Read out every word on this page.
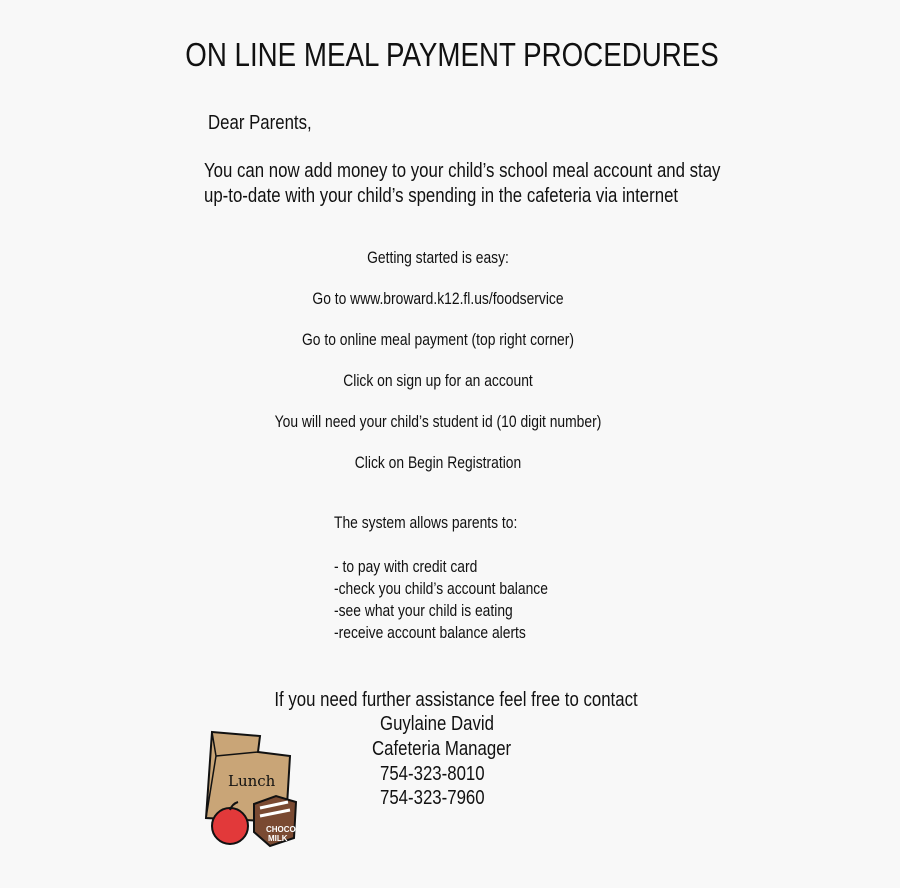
ON LINE MEAL PAYMENT PROCEDURES
Dear Parents,
You can now add money to your child’s school meal account and stay
up-to-date with your child’s spending in the cafeteria via internet
Getting started is easy:
Go to www.broward.k12.fl.us/foodservice
Go to online meal payment (top right corner)
Click on sign up for an account
You will need your child’s student id (10 digit number)
Click on Begin Registration
The system allows parents to:
- to pay with credit card
-check you child’s account balance
-see what your child is eating
-receive account balance alerts
If you need further assistance feel free to contact
Guylaine David
Cafeteria Manager
754-323-8010
754-323-7960
Lunch
CHOCO
MILK
